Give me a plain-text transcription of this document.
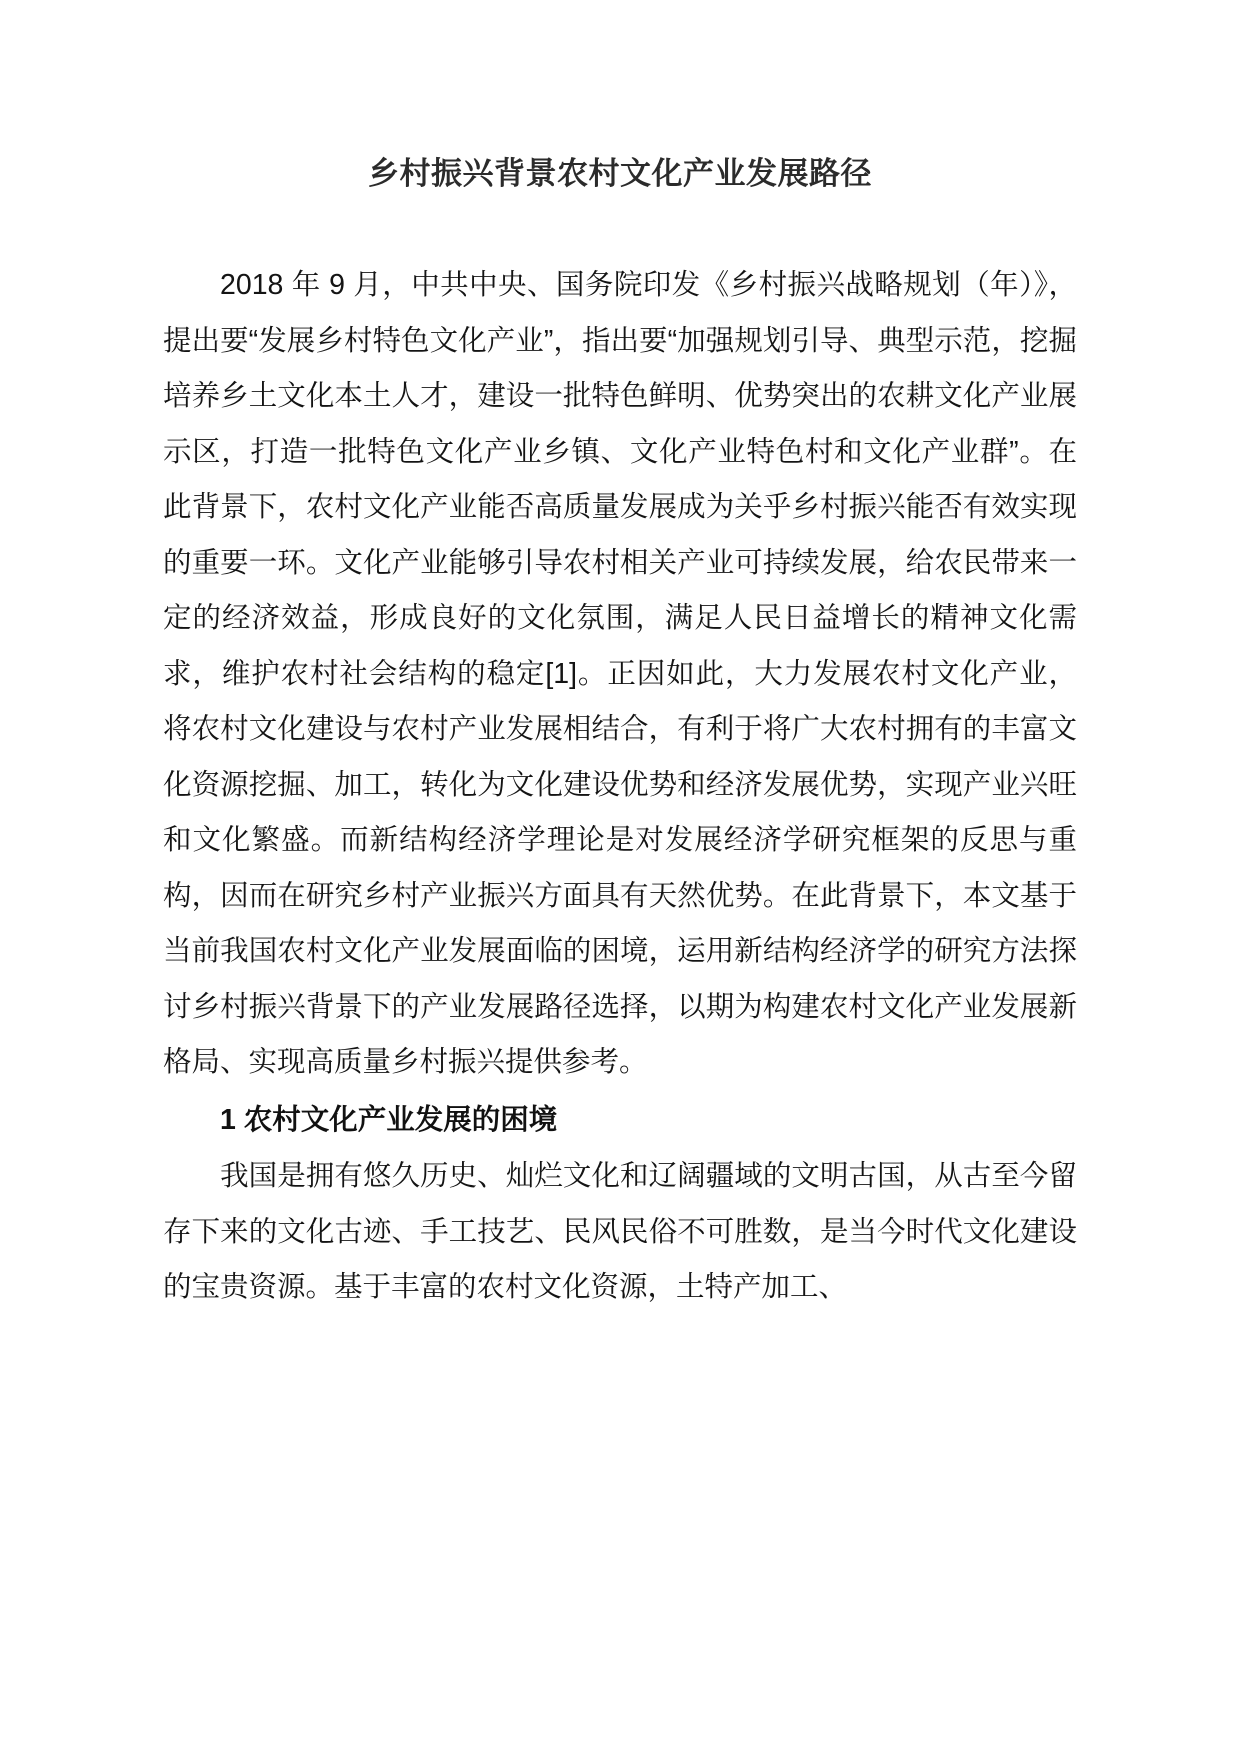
乡村振兴背景农村文化产业发展路径

2018 年 9 月，中共中央、国务院印发《乡村振兴战略规划（年）》，提出要“发展乡村特色文化产业”，指出要“加强规划引导、典型示范，挖掘培养乡土文化本土人才，建设一批特色鲜明、优势突出的农耕文化产业展示区，打造一批特色文化产业乡镇、文化产业特色村和文化产业群”。在此背景下，农村文化产业能否高质量发展成为关乎乡村振兴能否有效实现的重要一环。文化产业能够引导农村相关产业可持续发展，给农民带来一定的经济效益，形成良好的文化氛围，满足人民日益增长的精神文化需求，维护农村社会结构的稳定[1]。正因如此，大力发展农村文化产业，将农村文化建设与农村产业发展相结合，有利于将广大农村拥有的丰富文化资源挖掘、加工，转化为文化建设优势和经济发展优势，实现产业兴旺和文化繁盛。而新结构经济学理论是对发展经济学研究框架的反思与重构，因而在研究乡村产业振兴方面具有天然优势。在此背景下，本文基于当前我国农村文化产业发展面临的困境，运用新结构经济学的研究方法探讨乡村振兴背景下的产业发展路径选择，以期为构建农村文化产业发展新格局、实现高质量乡村振兴提供参考。

1 农村文化产业发展的困境

我国是拥有悠久历史、灿烂文化和辽阔疆域的文明古国，从古至今留存下来的文化古迹、手工技艺、民风民俗不可胜数，是当今时代文化建设的宝贵资源。基于丰富的农村文化资源，土特产加工、
